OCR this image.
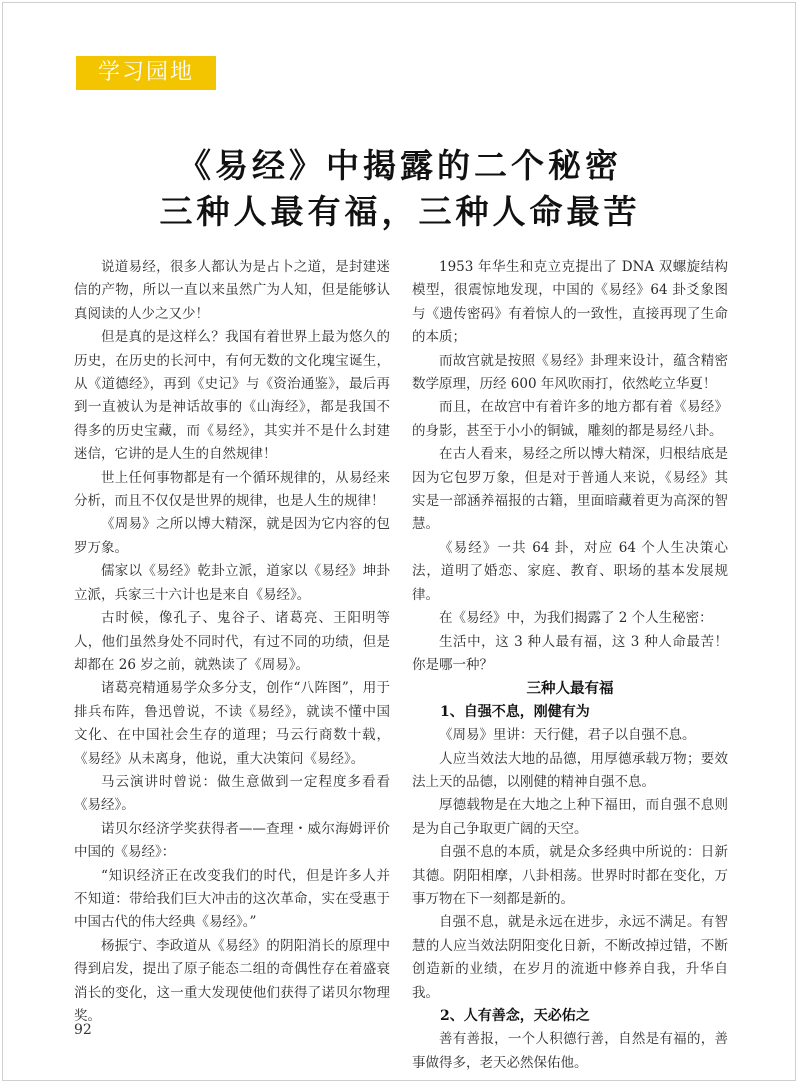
学习园地
《易经》中揭露的二个秘密
三种人最有福，三种人命最苦

说道易经，很多人都认为是占卜之道，是封建迷信的产物，所以一直以来虽然广为人知，但是能够认真阅读的人少之又少！

但是真的是这样么？我国有着世界上最为悠久的历史，在历史的长河中，有何无数的文化瑰宝诞生，从《道德经》，再到《史记》与《资治通鉴》，最后再到一直被认为是神话故事的《山海经》，都是我国不得多的历史宝藏，而《易经》，其实并不是什么封建迷信，它讲的是人生的自然规律！

世上任何事物都是有一个循环规律的，从易经来分析，而且不仅仅是世界的规律，也是人生的规律！

《周易》之所以博大精深，就是因为它内容的包罗万象。

儒家以《易经》乾卦立派，道家以《易经》坤卦立派，兵家三十六计也是来自《易经》。

古时候，像孔子、鬼谷子、诸葛亮、王阳明等人，他们虽然身处不同时代，有过不同的功绩，但是却都在 26 岁之前，就熟读了《周易》。

诸葛亮精通易学众多分支，创作“八阵图”，用于排兵布阵，鲁迅曾说，不读《易经》，就读不懂中国文化、在中国社会生存的道理；马云行商数十载，《易经》从未离身，他说，重大决策问《易经》。

马云演讲时曾说：做生意做到一定程度多看看《易经》。

诺贝尔经济学奖获得者——查理・威尔海姆评价中国的《易经》：

“知识经济正在改变我们的时代，但是许多人并不知道：带给我们巨大冲击的这次革命，实在受惠于中国古代的伟大经典《易经》。”

杨振宁、李政道从《易经》的阴阳消长的原理中得到启发，提出了原子能态二组的奇偶性存在着盛衰消长的变化，这一重大发现使他们获得了诺贝尔物理奖。

1953 年华生和克立克提出了 DNA 双螺旋结构模型，很震惊地发现，中国的《易经》64 卦爻象图与《遗传密码》有着惊人的一致性，直接再现了生命的本质；

而故宫就是按照《易经》卦理来设计，蕴含精密数学原理，历经 600 年风吹雨打，依然屹立华夏！

而且，在故宫中有着许多的地方都有着《易经》的身影，甚至于小小的铜铖，雕刻的都是易经八卦。

在古人看来，易经之所以博大精深，归根结底是因为它包罗万象，但是对于普通人来说，《易经》其实是一部涵养福报的古籍，里面暗藏着更为高深的智慧。

《易经》一共 64 卦，对应 64 个人生决策心法，道明了婚恋、家庭、教育、职场的基本发展规律。

在《易经》中，为我们揭露了 2 个人生秘密：

生活中，这 3 种人最有福，这 3 种人命最苦！你是哪一种？

三种人最有福
1、自强不息，刚健有为

《周易》里讲：天行健，君子以自强不息。

人应当效法大地的品德，用厚德承载万物；要效法上天的品德，以刚健的精神自强不息。

厚德载物是在大地之上种下福田，而自强不息则是为自己争取更广阔的天空。

自强不息的本质，就是众多经典中所说的：日新其德。阴阳相摩，八卦相荡。世界时时都在变化，万事万物在下一刻都是新的。

自强不息，就是永远在进步，永远不满足。有智慧的人应当效法阴阳变化日新，不断改掉过错，不断创造新的业绩，在岁月的流逝中修养自我，升华自我。

2、人有善念，天必佑之

善有善报，一个人积德行善，自然是有福的，善事做得多，老天必然保佑他。

92
